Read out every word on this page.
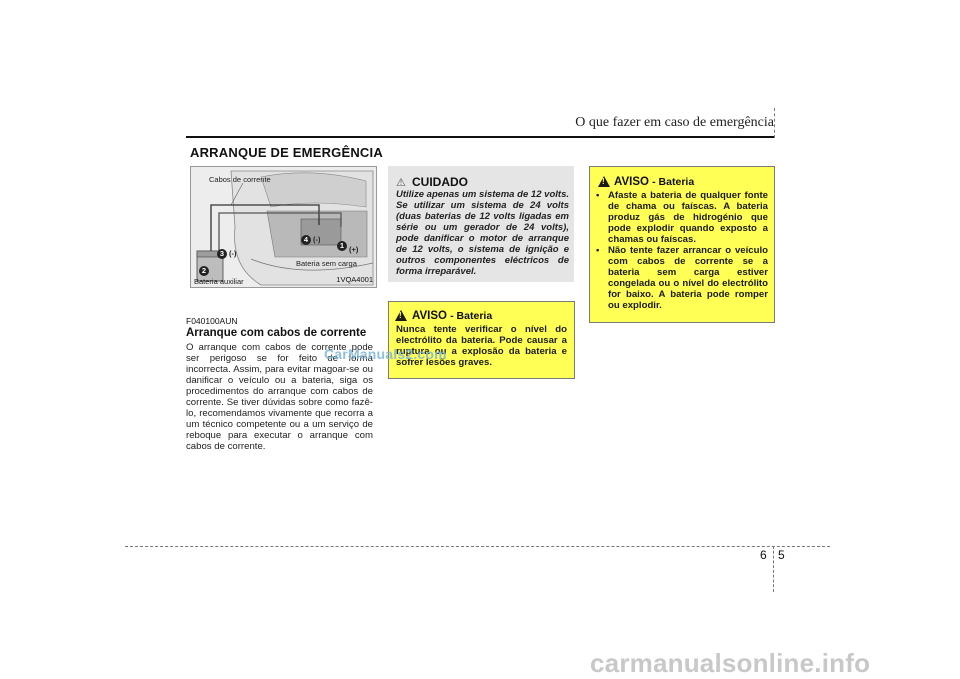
O que fazer em caso de emergência
ARRANQUE DE EMERGÊNCIA
Cabos de corrente
Bateria sem carga
Bateria auxiliar
(-)
(-)
(+)
2
3
4
1
1VQA4001
F040100AUN
Arranque com cabos de corrente
O arranque com cabos de corrente pode ser perigoso se for feito de forma incorrecta. Assim, para evitar magoar-se ou danificar o veículo ou a bateria, siga os procedimentos do arranque com cabos de corrente. Se tiver dúvidas sobre como fazê-lo, recomendamos vivamente que recorra a um técnico competente ou a um serviço de reboque para executar o arranque com cabos de corrente.
⚠ CUIDADO
Utilize apenas um sistema de 12 volts. Se utilizar um sistema de 24 volts (duas baterias de 12 volts ligadas em série ou um gerador de 24 volts), pode danificar o motor de arranque de 12 volts, o sistema de ignição e outros componentes eléctricos de forma irreparável.
! AVISO - Bateria
Nunca tente verificar o nível do electrólito da bateria. Pode causar a ruptura ou a explosão da bateria e sofrer lesões graves.
! AVISO - Bateria
• Afaste a bateria de qualquer fonte de chama ou faíscas. A bateria produz gás de hidrogénio que pode explodir quando exposto a chamas ou faíscas.
• Não tente fazer arrancar o veículo com cabos de corrente se a bateria sem carga estiver congelada ou o nível do electrólito for baixo. A bateria pode romper ou explodir.
CarManuals2.com
carmanualsonline.info
6 5
